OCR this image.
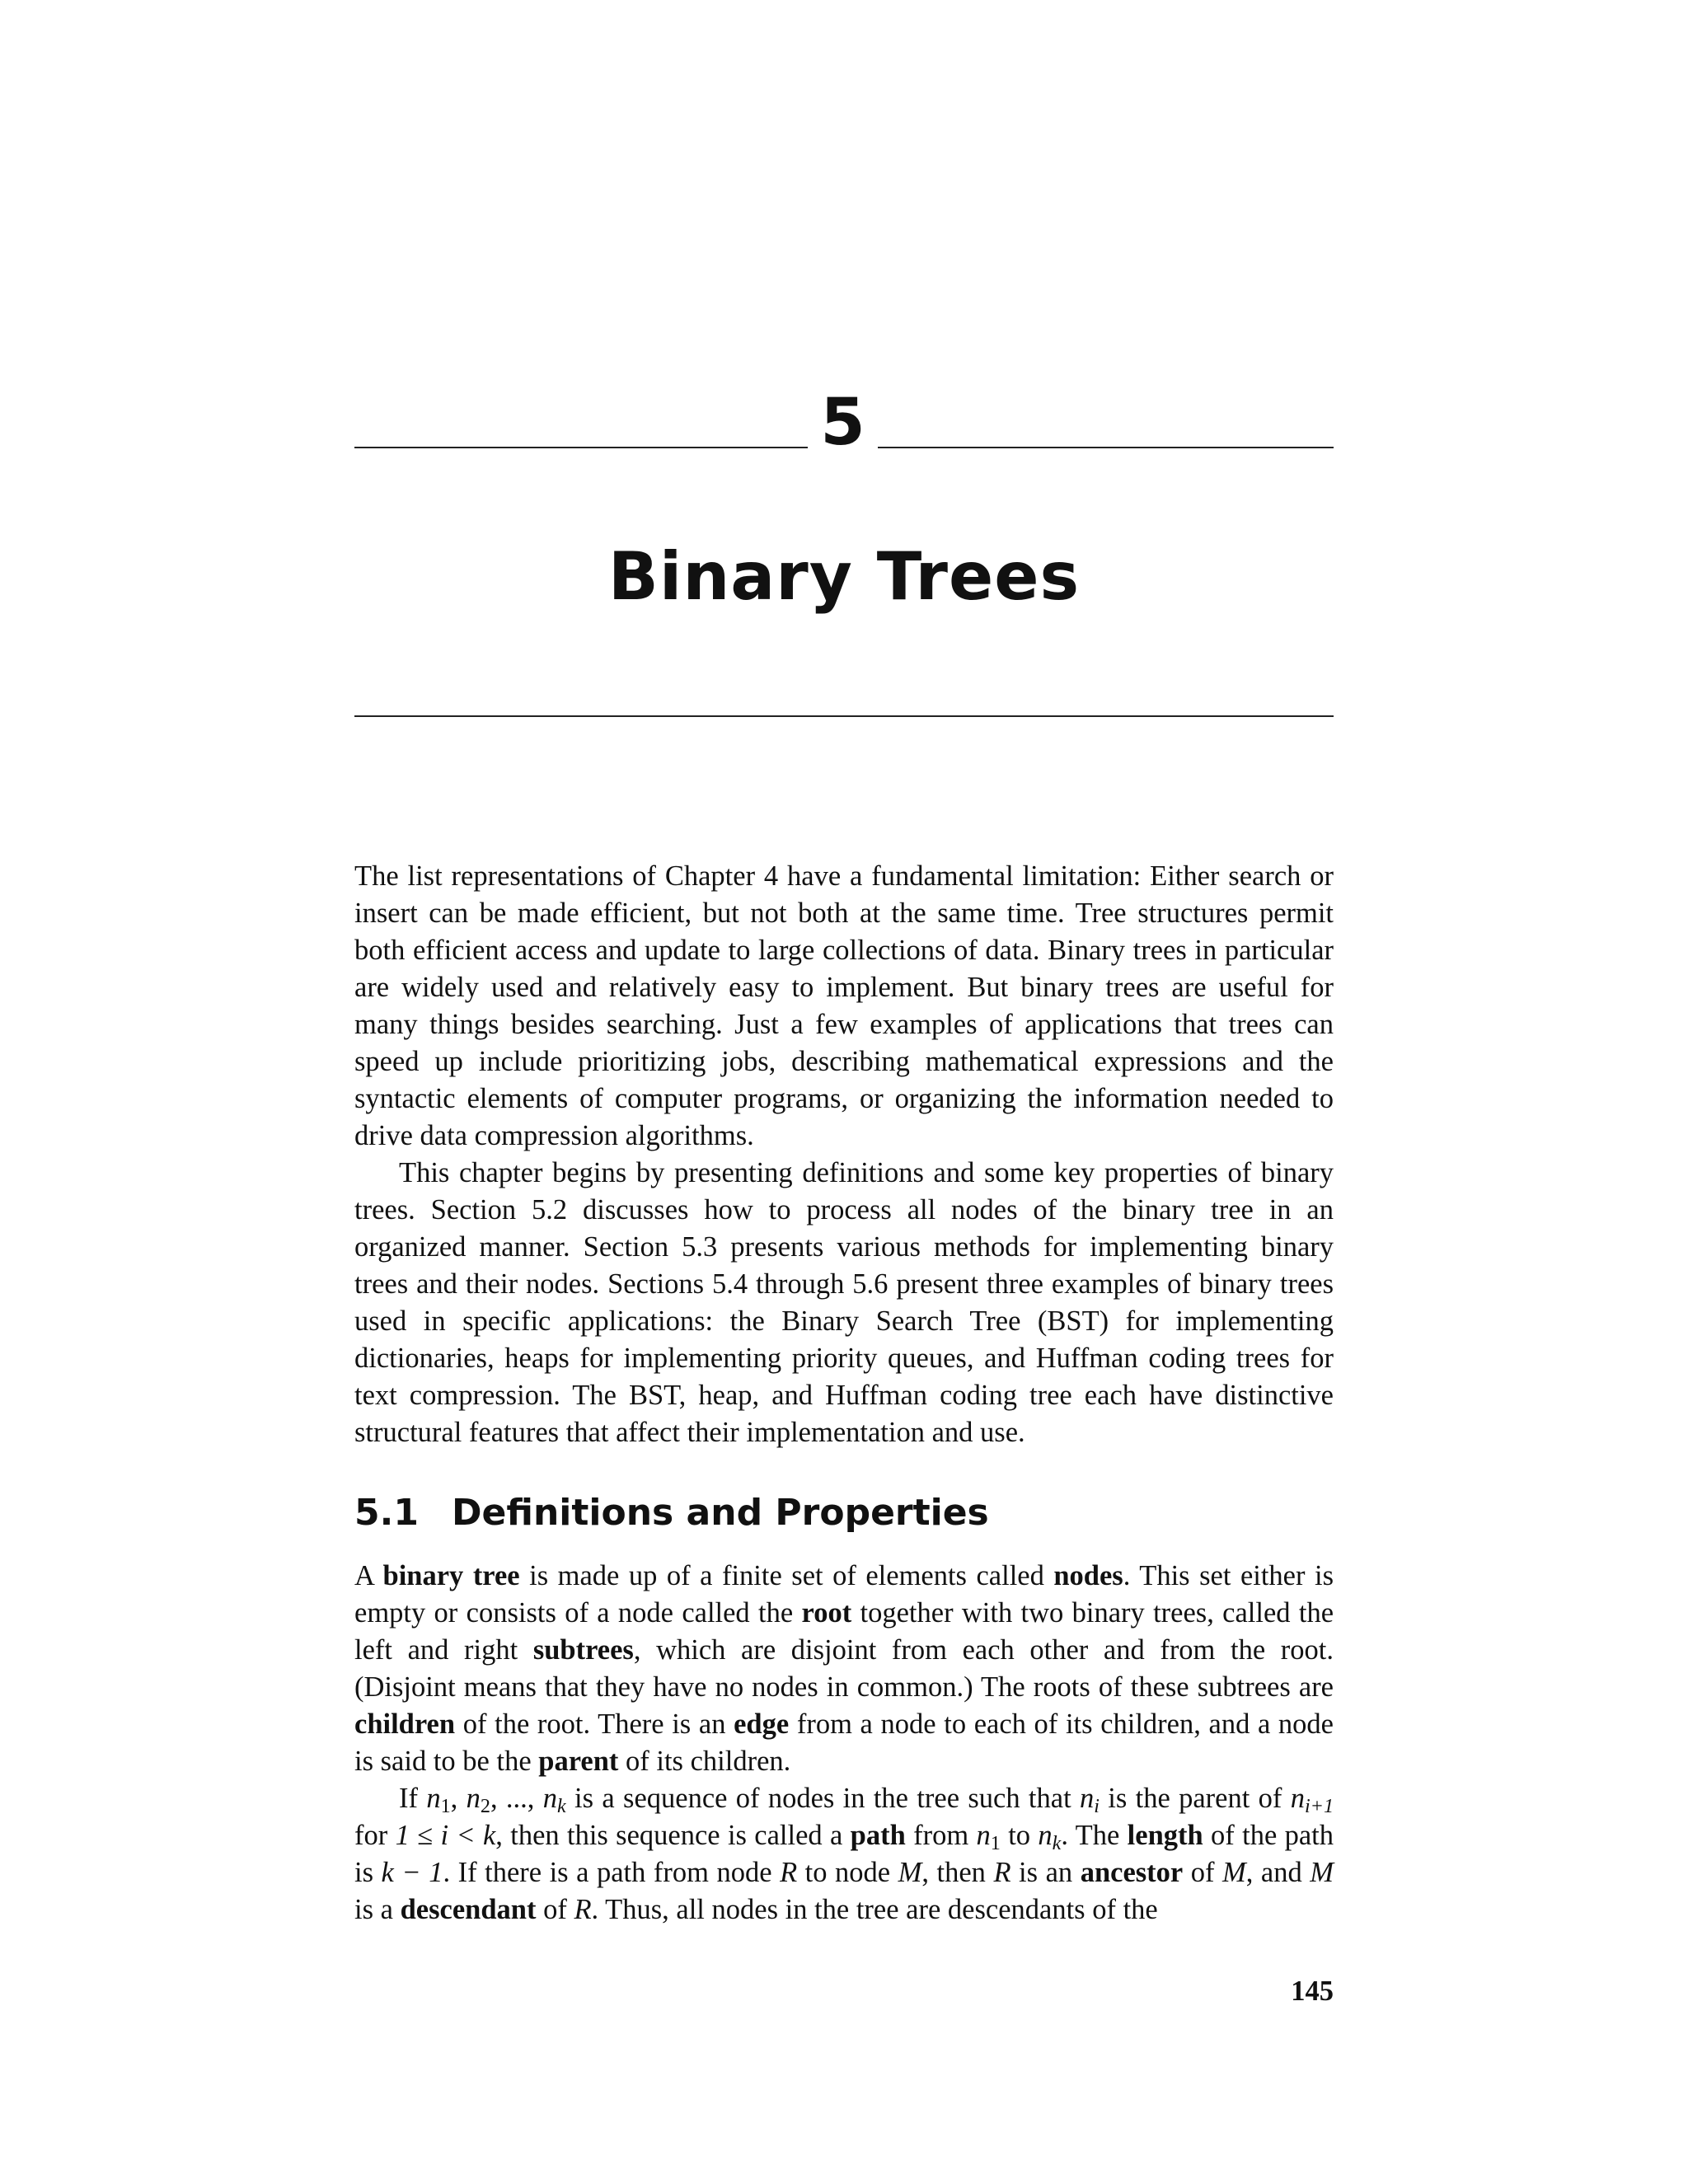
5
Binary Trees

The list representations of Chapter 4 have a fundamental limitation: Either search or insert can be made efficient, but not both at the same time. Tree structures permit both efficient access and update to large collections of data. Binary trees in particular are widely used and relatively easy to implement. But binary trees are useful for many things besides searching. Just a few examples of applications that trees can speed up include prioritizing jobs, describing mathematical expressions and the syntactic elements of computer programs, or organizing the information needed to drive data compression algorithms.

This chapter begins by presenting definitions and some key properties of binary trees. Section 5.2 discusses how to process all nodes of the binary tree in an organized manner. Section 5.3 presents various methods for implementing binary trees and their nodes. Sections 5.4 through 5.6 present three examples of binary trees used in specific applications: the Binary Search Tree (BST) for implementing dictionaries, heaps for implementing priority queues, and Huffman coding trees for text compression. The BST, heap, and Huffman coding tree each have distinctive structural features that affect their implementation and use.

5.1 Definitions and Properties

A binary tree is made up of a finite set of elements called nodes. This set either is empty or consists of a node called the root together with two binary trees, called the left and right subtrees, which are disjoint from each other and from the root. (Disjoint means that they have no nodes in common.) The roots of these subtrees are children of the root. There is an edge from a node to each of its children, and a node is said to be the parent of its children.

If $n_1$, $n_2$, ..., $n_k$ is a sequence of nodes in the tree such that $n_i$ is the parent of $n_{i+1}$ for 1 ≤ i < k, then this sequence is called a path from $n_1$ to $n_k$. The length of the path is k − 1. If there is a path from node R to node M, then R is an ancestor of M, and M is a descendant of R. Thus, all nodes in the tree are descendants of the

145
